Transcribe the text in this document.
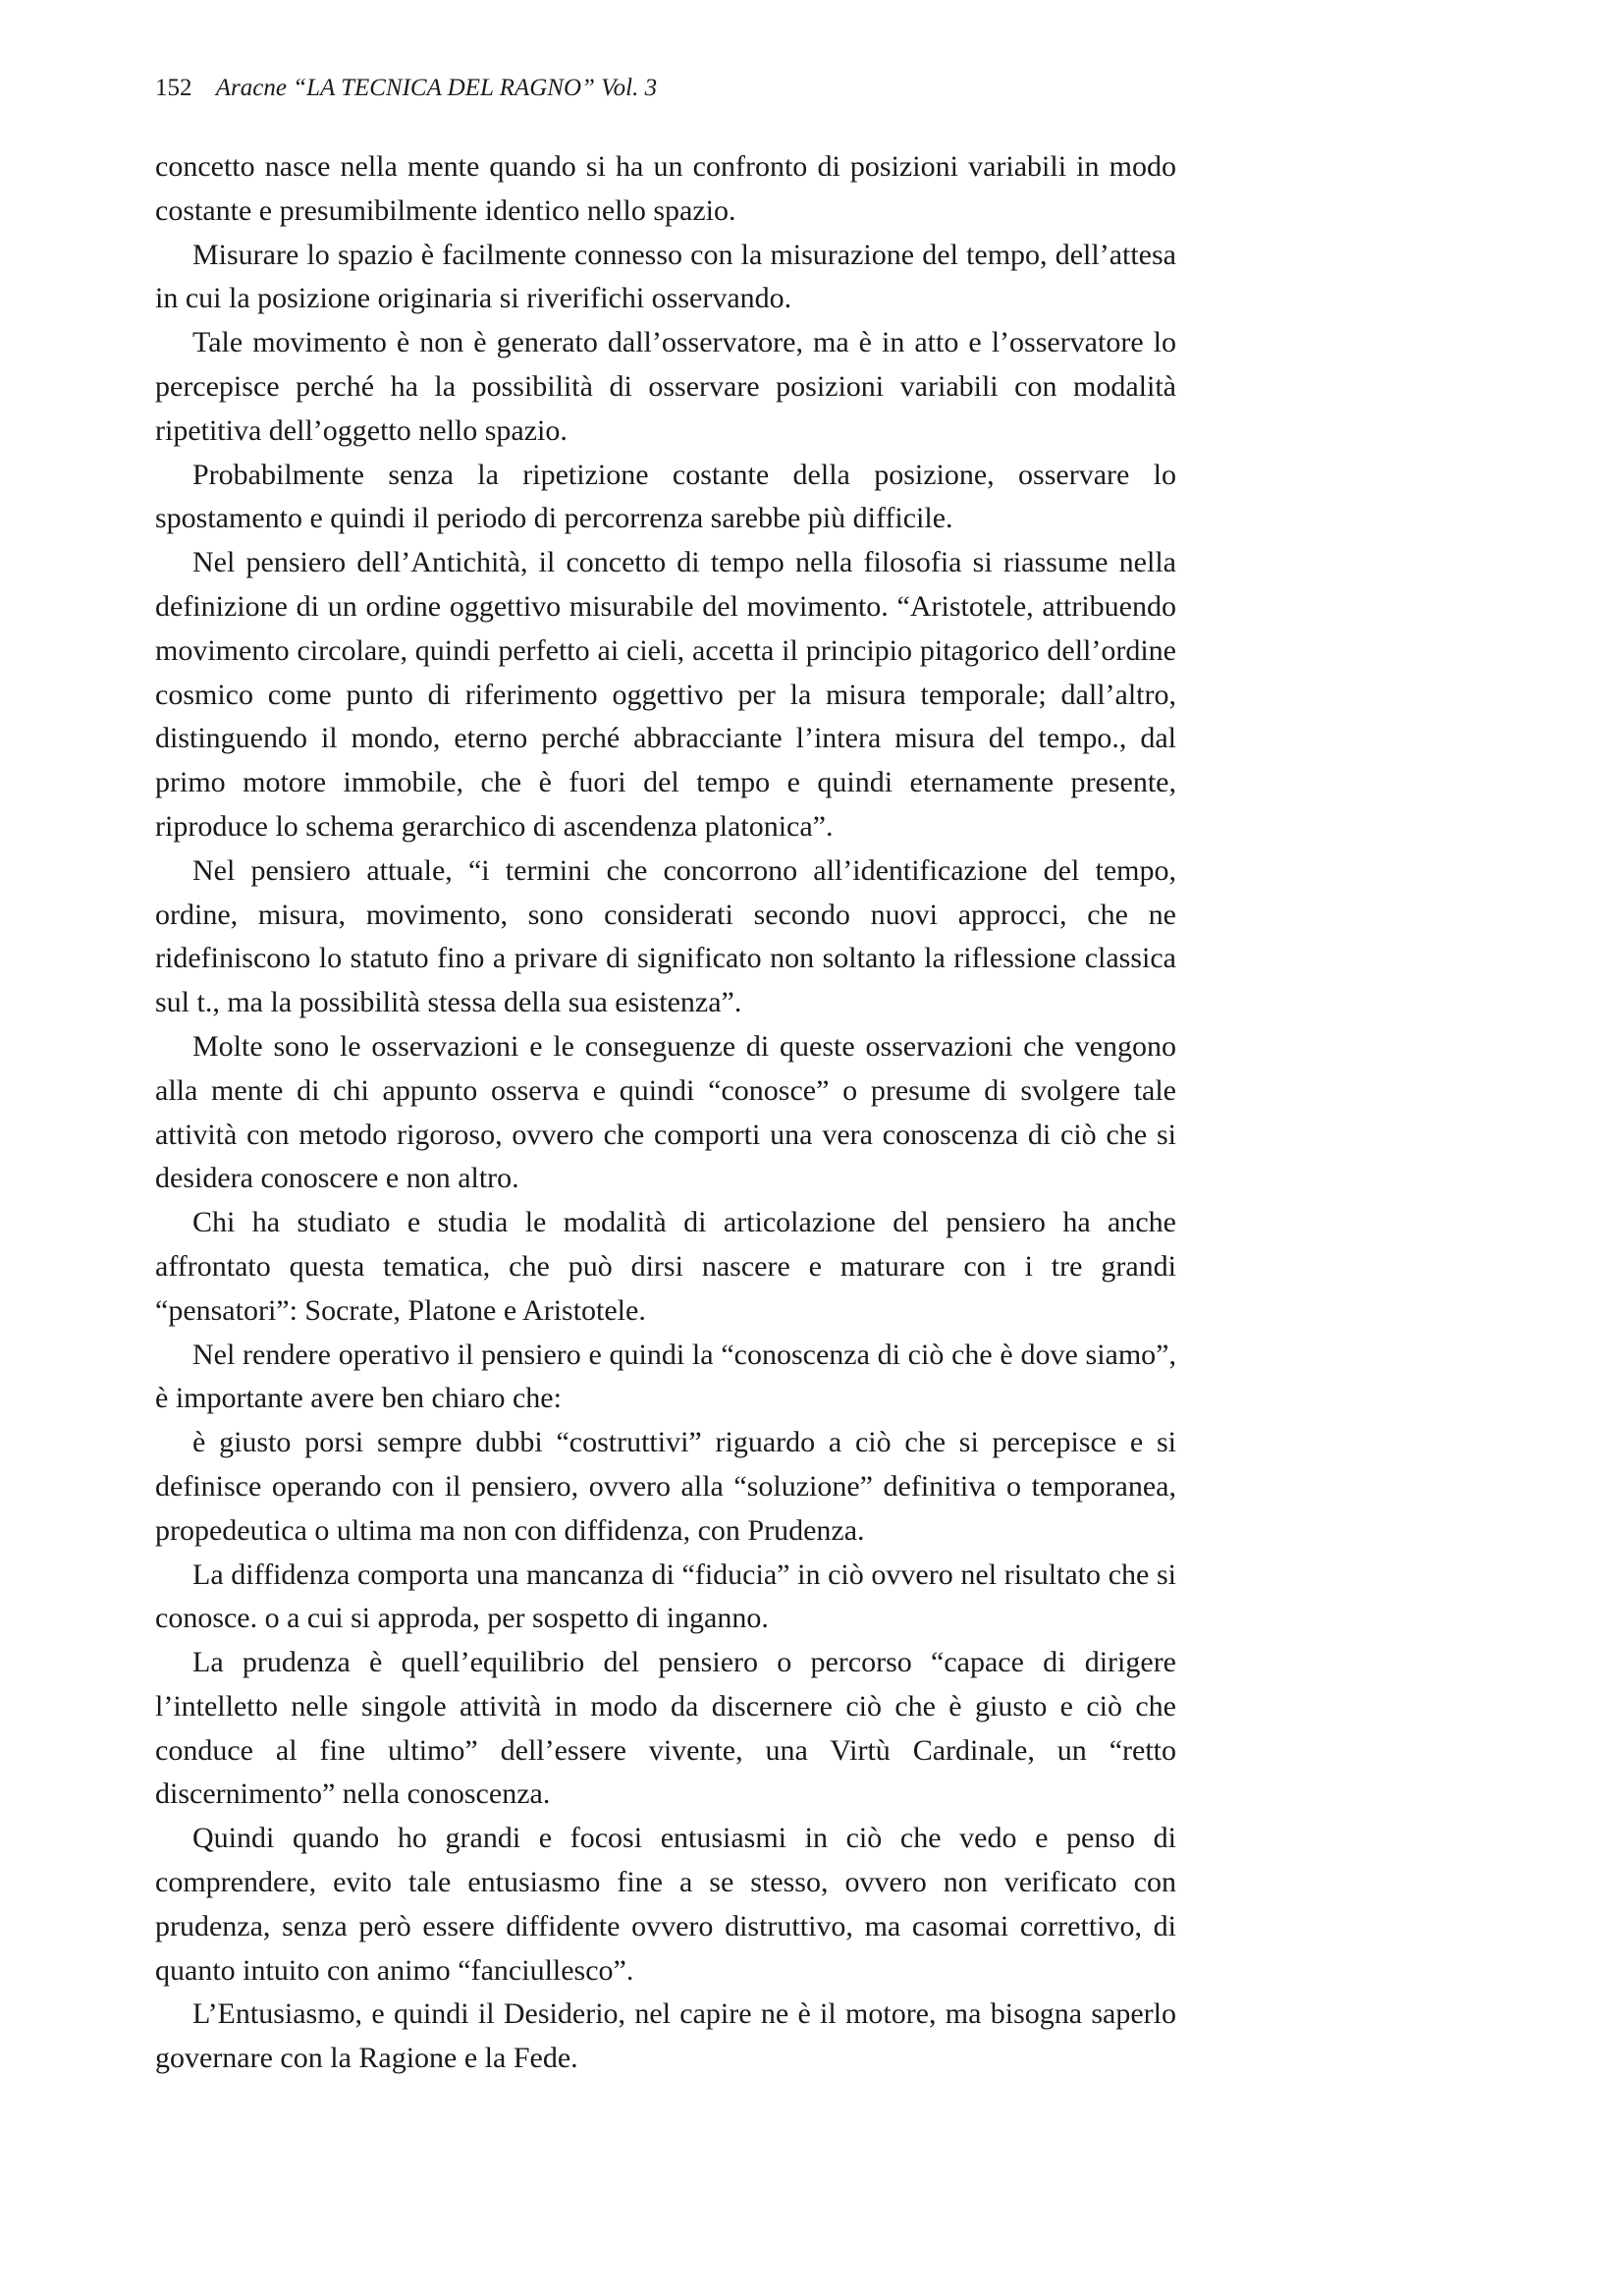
152 Aracne “LA TECNICA DEL RAGNO” Vol. 3

concetto nasce nella mente quando si ha un confronto di posizioni variabili in modo costante e presumibilmente identico nello spazio.

Misurare lo spazio è facilmente connesso con la misurazione del tempo, dell’attesa in cui la posizione originaria si riverifichi osservando.

Tale movimento è non è generato dall’osservatore, ma è in atto e l’osservatore lo percepisce perché ha la possibilità di osservare posizioni variabili con modalità ripetitiva dell’oggetto nello spazio.

Probabilmente senza la ripetizione costante della posizione, osservare lo spostamento e quindi il periodo di percorrenza sarebbe più difficile.

Nel pensiero dell’Antichità, il concetto di tempo nella filosofia si riassume nella definizione di un ordine oggettivo misurabile del movimento. “Aristotele, attribuendo movimento circolare, quindi perfetto ai cieli, accetta il principio pitagorico dell’ordine cosmico come punto di riferimento oggettivo per la misura temporale; dall’altro, distinguendo il mondo, eterno perché abbracciante l’intera misura del tempo., dal primo motore immobile, che è fuori del tempo e quindi eternamente presente, riproduce lo schema gerarchico di ascendenza platonica”.

Nel pensiero attuale, “i termini che concorrono all’identificazione del tempo, ordine, misura, movimento, sono considerati secondo nuovi approcci, che ne ridefiniscono lo statuto fino a privare di significato non soltanto la riflessione classica sul t., ma la possibilità stessa della sua esistenza”.

Molte sono le osservazioni e le conseguenze di queste osservazioni che vengono alla mente di chi appunto osserva e quindi “conosce” o presume di svolgere tale attività con metodo rigoroso, ovvero che comporti una vera conoscenza di ciò che si desidera conoscere e non altro.

Chi ha studiato e studia le modalità di articolazione del pensiero ha anche affrontato questa tematica, che può dirsi nascere e maturare con i tre grandi “pensatori”: Socrate, Platone e Aristotele.

Nel rendere operativo il pensiero e quindi la “conoscenza di ciò che è dove siamo”, è importante avere ben chiaro che:

è giusto porsi sempre dubbi “costruttivi” riguardo a ciò che si percepisce e si definisce operando con il pensiero, ovvero alla “soluzione” definitiva o temporanea, propedeutica o ultima ma non con diffidenza, con Prudenza.

La diffidenza comporta una mancanza di “fiducia” in ciò ovvero nel risultato che si conosce. o a cui si approda, per sospetto di inganno.

La prudenza è quell’equilibrio del pensiero o percorso “capace di dirigere l’intelletto nelle singole attività in modo da discernere ciò che è giusto e ciò che conduce al fine ultimo” dell’essere vivente, una Virtù Cardinale, un “retto discernimento” nella conoscenza.

Quindi quando ho grandi e focosi entusiasmi in ciò che vedo e penso di comprendere, evito tale entusiasmo fine a se stesso, ovvero non verificato con prudenza, senza però essere diffidente ovvero distruttivo, ma casomai correttivo, di quanto intuito con animo “fanciullesco”.

L’Entusiasmo, e quindi il Desiderio, nel capire ne è il motore, ma bisogna saperlo governare con la Ragione e la Fede.
